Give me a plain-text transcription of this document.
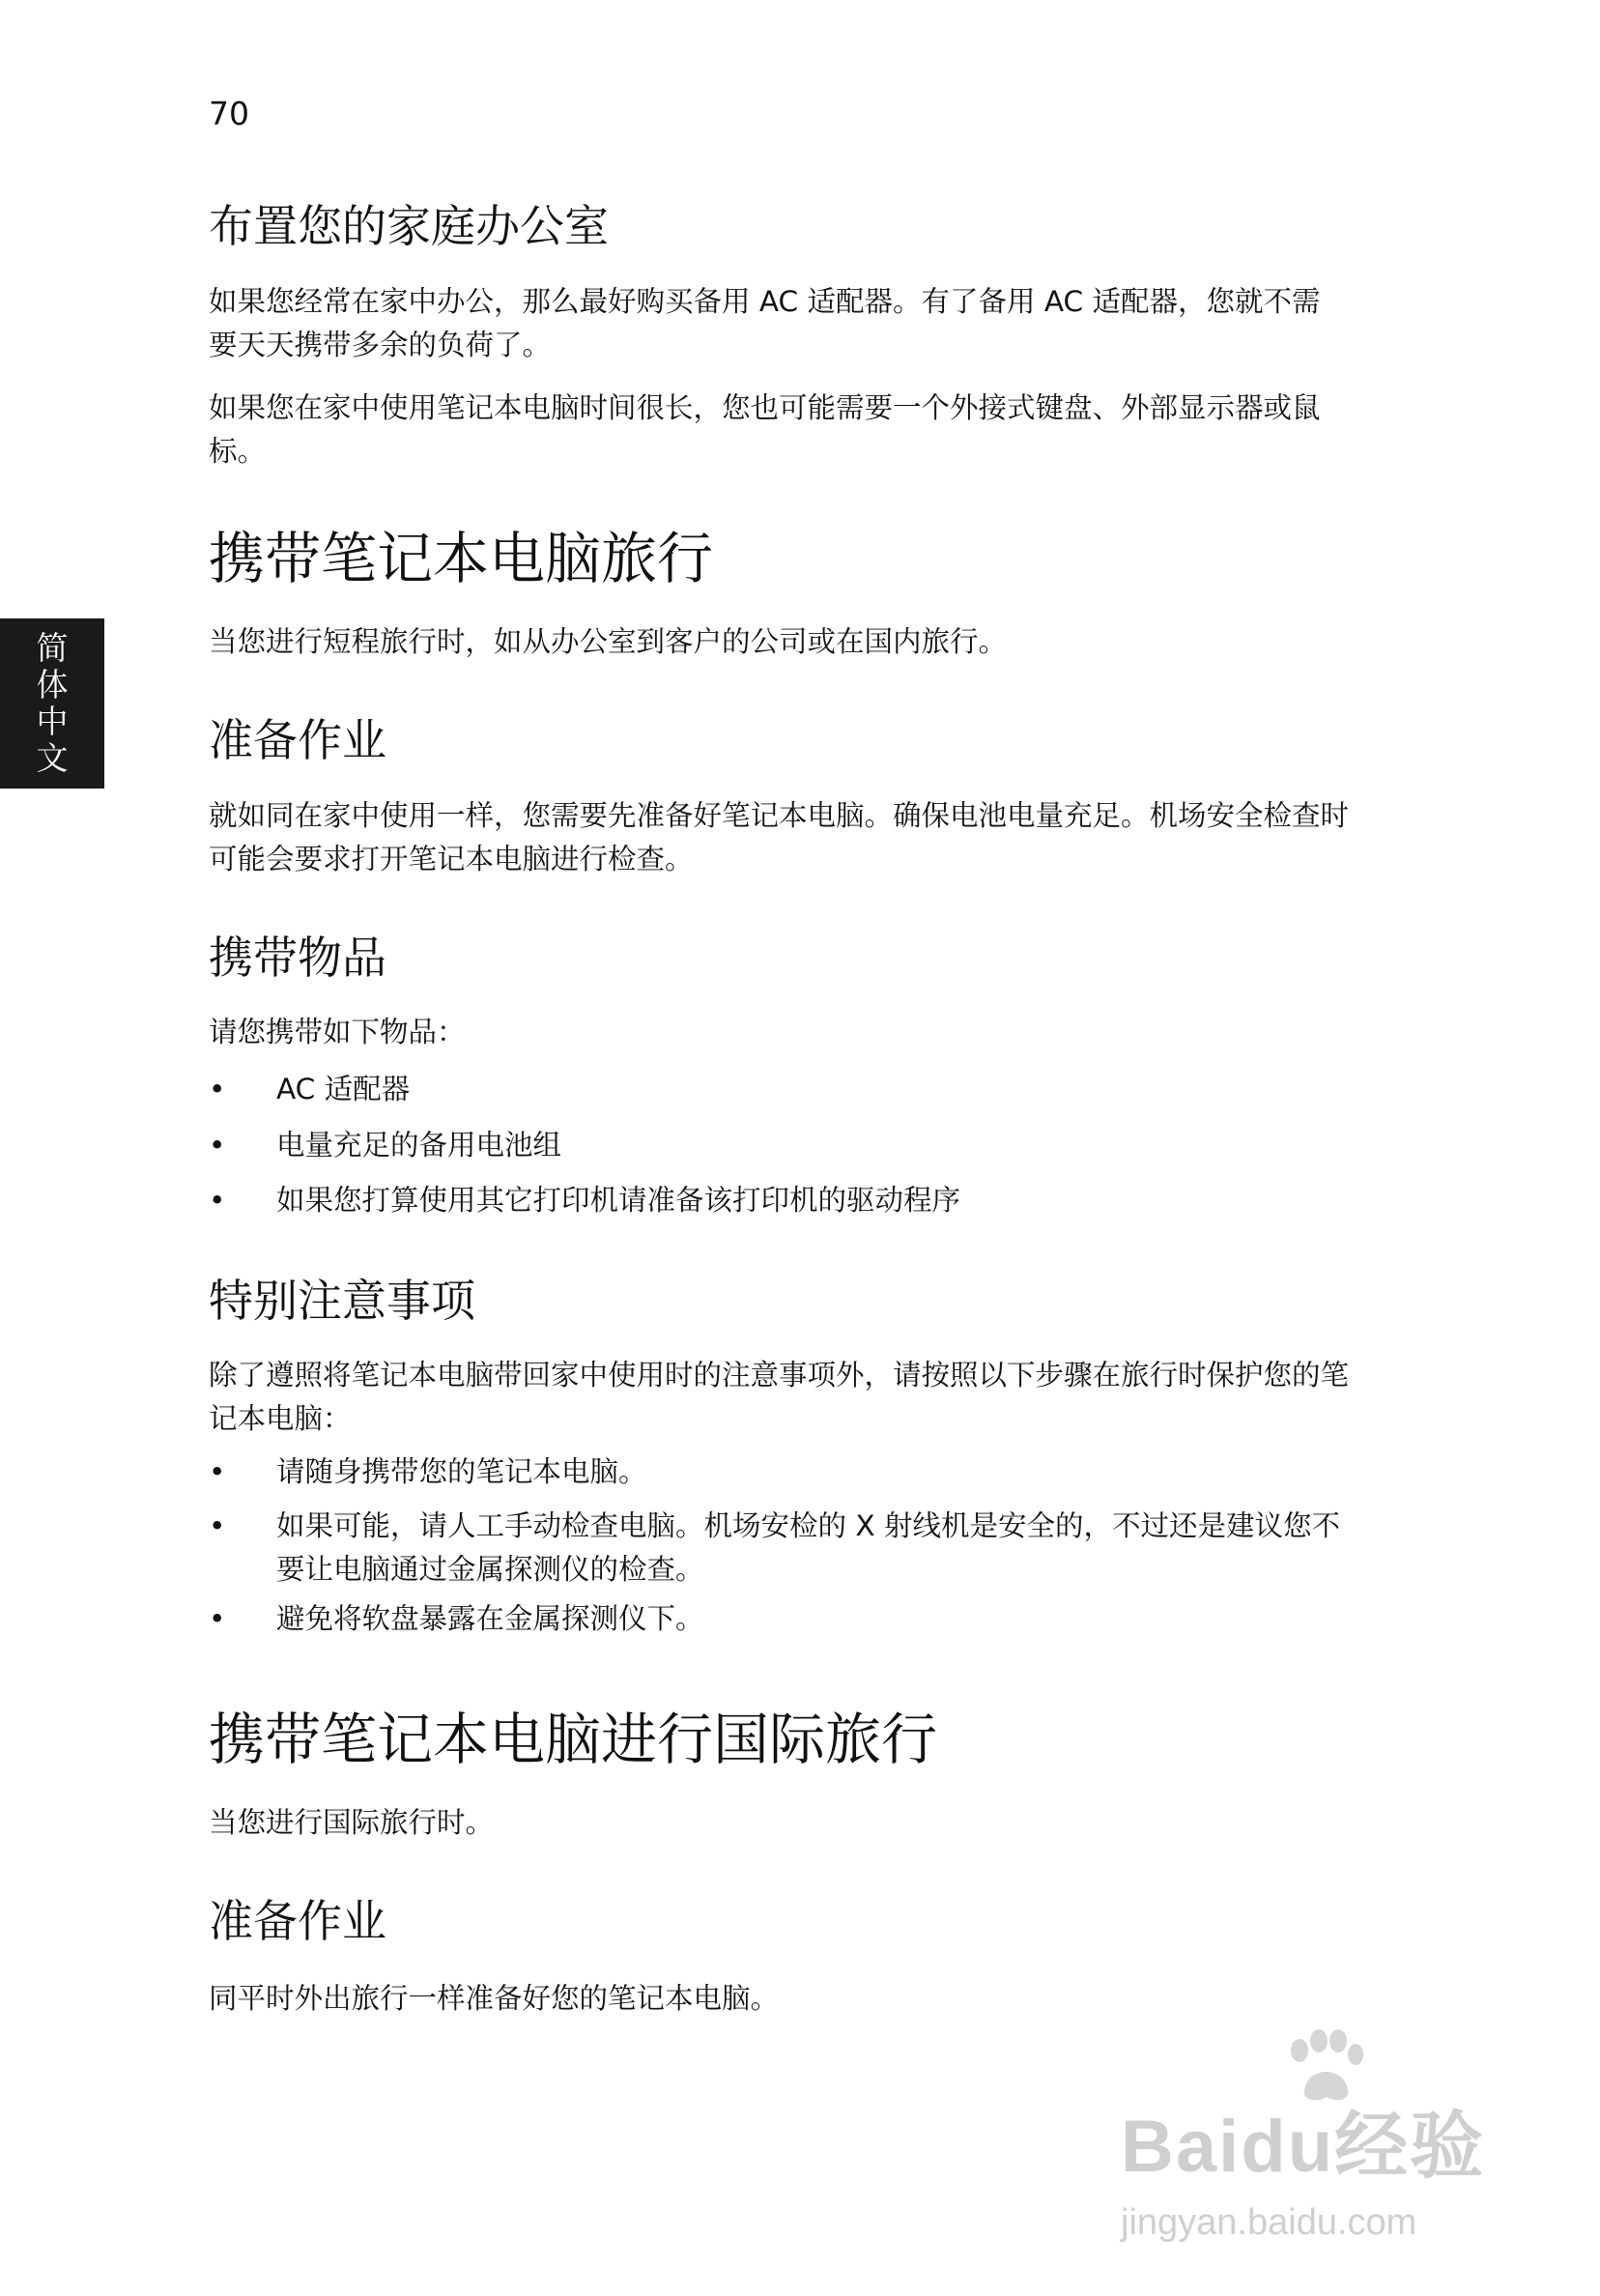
70
简
体
中
文
布置您的家庭办公室

如果您经常在家中办公，那么最好购买备用 AC 适配器。有了备用 AC 适配器，您就不需要天天携带多余的负荷了。

如果您在家中使用笔记本电脑时间很长，您也可能需要一个外接式键盘、外部显示器或鼠标。

携带笔记本电脑旅行

当您进行短程旅行时，如从办公室到客户的公司或在国内旅行。

准备作业

就如同在家中使用一样，您需要先准备好笔记本电脑。确保电池电量充足。机场安全检查时可能会要求打开笔记本电脑进行检查。

携带物品

请您携带如下物品：

• AC 适配器
• 电量充足的备用电池组
• 如果您打算使用其它打印机请准备该打印机的驱动程序
特别注意事项

除了遵照将笔记本电脑带回家中使用时的注意事项外，请按照以下步骤在旅行时保护您的笔记本电脑：

• 请随身携带您的笔记本电脑。
• 如果可能，请人工手动检查电脑。机场安检的 X 射线机是安全的，不过还是建议您不要让电脑通过金属探测仪的检查。
• 避免将软盘暴露在金属探测仪下。
携带笔记本电脑进行国际旅行

当您进行国际旅行时。

准备作业

同平时外出旅行一样准备好您的笔记本电脑。

Baidu经验
jingyan.baidu.com
